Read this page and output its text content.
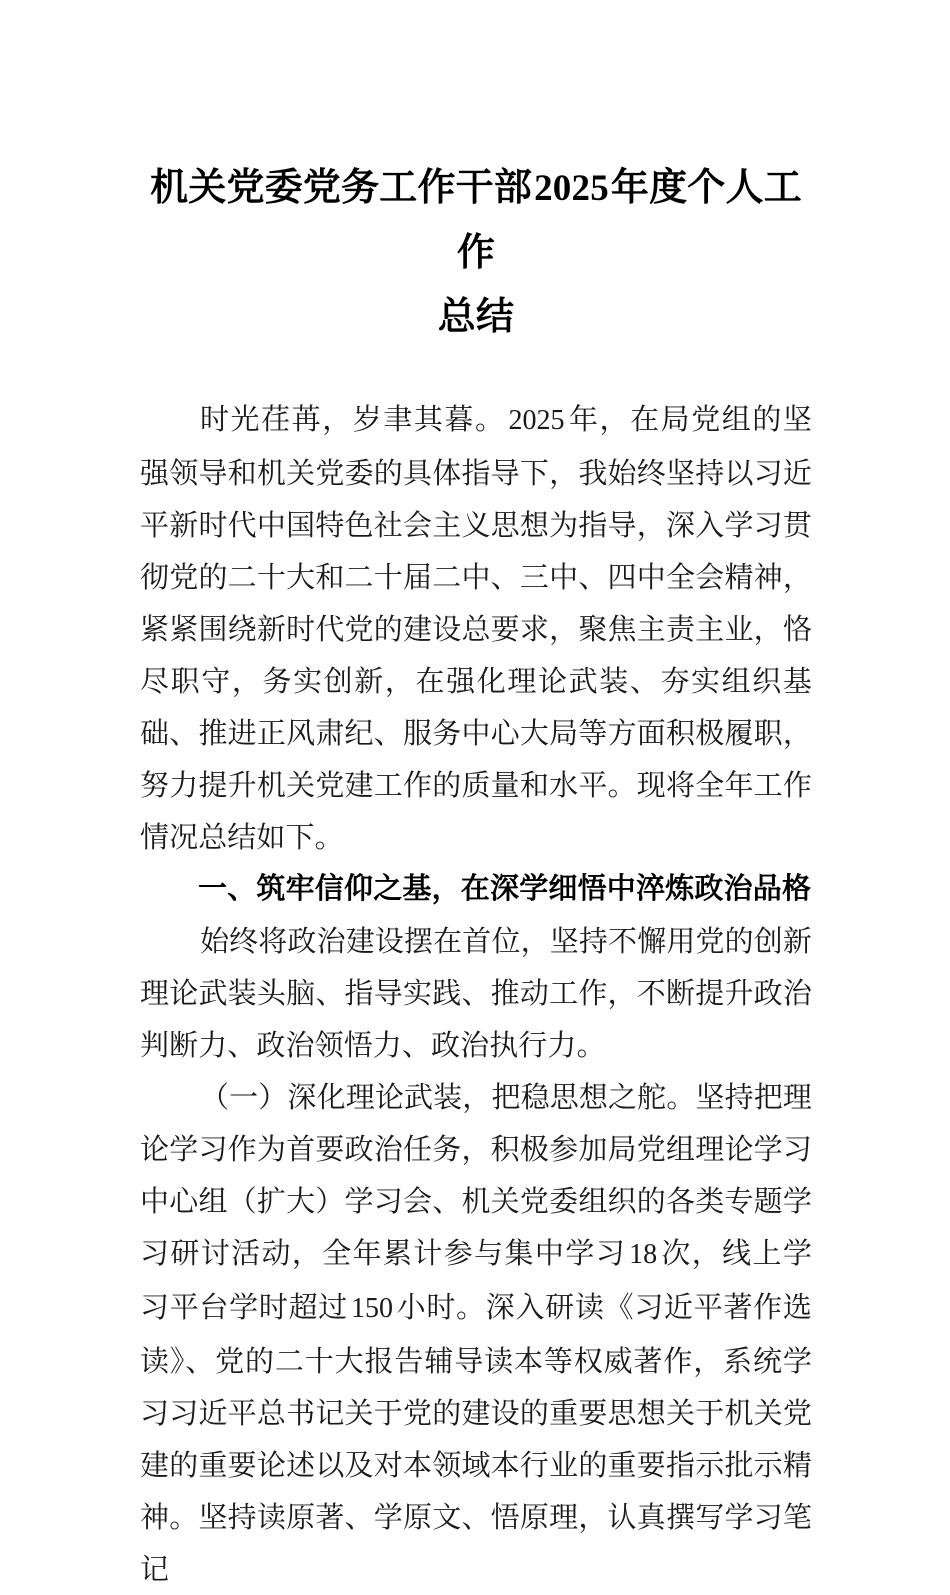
机关党委党务工作干部2025年度个人工作
总结

时光荏苒，岁聿其暮。 2025 年，在局党组的坚强领导和机关党委的具体指导下，我始终坚持以习近平新时代中国特色社会主义思想为指导，深入学习贯彻党的二十大和二十届二中、三中、四中全会精神，紧紧围绕新时代党的建设总要求，聚焦主责主业，恪尽职守，务实创新，在强化理论武装、夯实组织基础、推进正风肃纪、服务中心大局等方面积极履职，努力提升机关党建工作的质量和水平。现将全年工作情况总结如下。

一、筑牢信仰之基，在深学细悟中淬炼政治品格

始终将政治建设摆在首位，坚持不懈用党的创新理论武装头脑、指导实践、推动工作，不断提升政治判断力、政治领悟力、政治执行力。

（一）深化理论武装，把稳思想之舵。坚持把理论学习作为首要政治任务，积极参加局党组理论学习中心组（扩大）学习会、机关党委组织的各类专题学习研讨活动，全年累计参与集中学习 18 次，线上学习平台学时超过 150 小时。深入研读《习近平著作选读》、党的二十大报告辅导读本等权威著作，系统学习习近平总书记关于党的建设的重要思想关于机关党建的重要论述以及对本领域本行业的重要指示批示精神。坚持读原著、学原文、悟原理，认真撰写学习笔记
